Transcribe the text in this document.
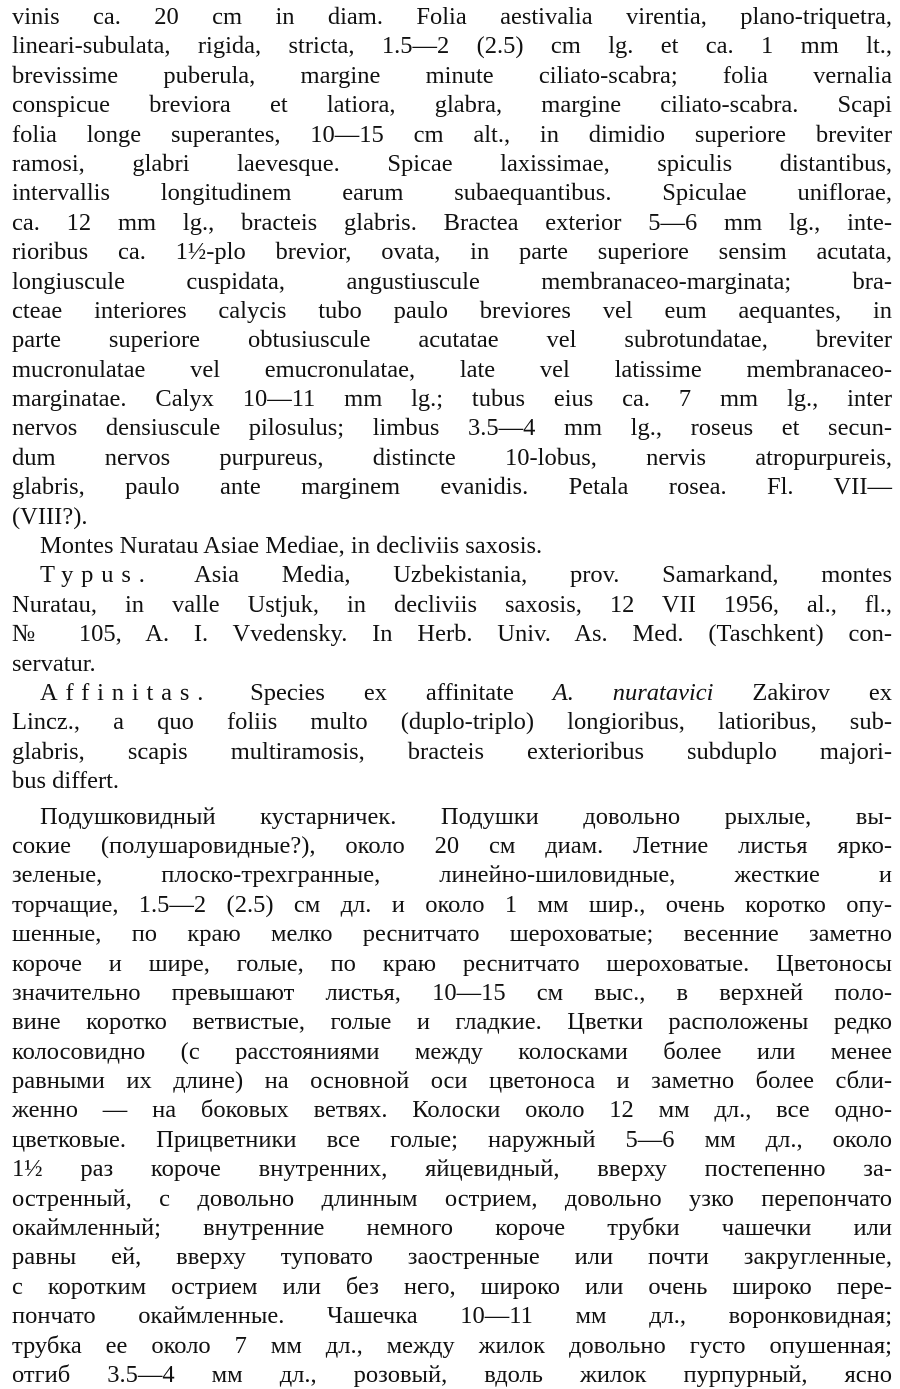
vinis ca. 20 cm in diam. Folia aestivalia virentia, plano-triquetra,
lineari-subulata, rigida, stricta, 1.5—2 (2.5) cm lg. et ca. 1 mm lt.,
brevissime puberula, margine minute ciliato-scabra; folia vernalia
conspicue breviora et latiora, glabra, margine ciliato-scabra. Scapi
folia longe superantes, 10—15 cm alt., in dimidio superiore breviter
ramosi, glabri laevesque. Spicae laxissimae, spiculis distantibus,
intervallis longitudinem earum subaequantibus. Spiculae uniflorae,
ca. 12 mm lg., bracteis glabris. Bractea exterior 5—6 mm lg., inte-
rioribus ca. 1½-plo brevior, ovata, in parte superiore sensim acutata,
longiuscule cuspidata, angustiuscule membranaceo-marginata; bra-
cteae interiores calycis tubo paulo breviores vel eum aequantes, in
parte superiore obtusiuscule acutatae vel subrotundatae, breviter
mucronulatae vel emucronulatae, late vel latissime membranaceo-
marginatae. Calyx 10—11 mm lg.; tubus eius ca. 7 mm lg., inter
nervos densiuscule pilosulus; limbus 3.5—4 mm lg., roseus et secun-
dum nervos purpureus, distincte 10-lobus, nervis atropurpureis,
glabris, paulo ante marginem evanidis. Petala rosea. Fl. VII—
(VIII?).
Montes Nuratau Asiae Mediae, in decliviis saxosis.
Typus. Asia Media, Uzbekistania, prov. Samarkand, montes
Nuratau, in valle Ustjuk, in decliviis saxosis, 12 VII 1956, al., fl.,
№ 105, A. I. Vvedensky. In Herb. Univ. As. Med. (Taschkent) con-
servatur.
Affinitas. Species ex affinitate A. nuratavici Zakirov ex
Lincz., a quo foliis multo (duplo-triplo) longioribus, latioribus, sub-
glabris, scapis multiramosis, bracteis exterioribus subduplo majori-
bus differt.
Подушковидный кустарничек. Подушки довольно рыхлые, вы-
сокие (полушаровидные?), около 20 см диам. Летние листья ярко-
зеленые, плоско-трехгранные, линейно-шиловидные, жесткие и
торчащие, 1.5—2 (2.5) см дл. и около 1 мм шир., очень коротко опу-
шенные, по краю мелко реснитчато шероховатые; весенние заметно
короче и шире, голые, по краю реснитчато шероховатые. Цветоносы
значительно превышают листья, 10—15 см выс., в верхней поло-
вине коротко ветвистые, голые и гладкие. Цветки расположены редко
колосовидно (с расстояниями между колосками более или менее
равными их длине) на основной оси цветоноса и заметно более сбли-
женно — на боковых ветвях. Колоски около 12 мм дл., все одно-
цветковые. Прицветники все голые; наружный 5—6 мм дл., около
1½ раз короче внутренних, яйцевидный, вверху постепенно за-
остренный, с довольно длинным острием, довольно узко перепончато
окаймленный; внутренние немного короче трубки чашечки или
равны ей, вверху туповато заостренные или почти закругленные,
с коротким острием или без него, широко или очень широко пере-
пончато окаймленные. Чашечка 10—11 мм дл., воронковидная;
трубка ее около 7 мм дл., между жилок довольно густо опушенная;
отгиб 3.5—4 мм дл., розовый, вдоль жилок пурпурный, ясно
